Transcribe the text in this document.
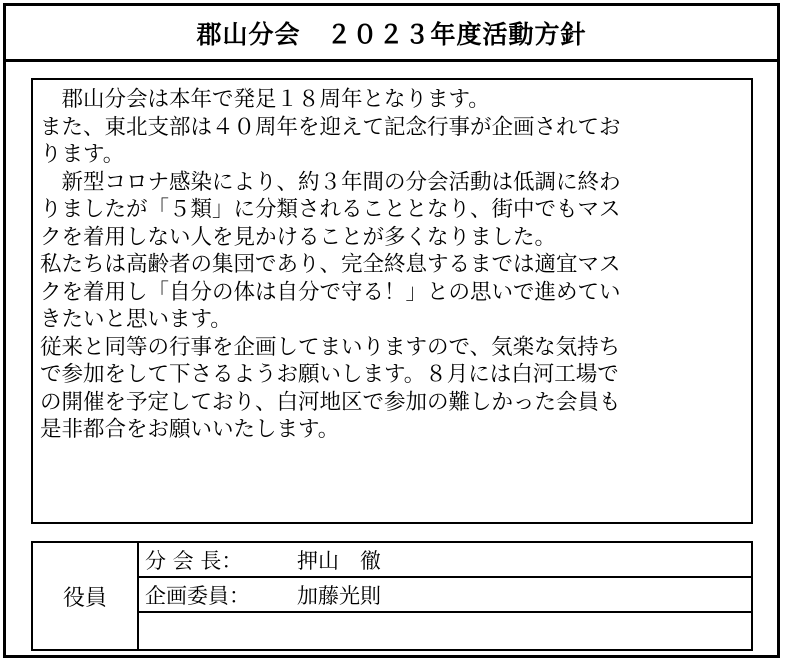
郡山分会　２０２３年度活動方針
　郡山分会は本年で発足１８周年となります。
また、東北支部は４０周年を迎えて記念行事が企画されてお
ります。
　新型コロナ感染により、約３年間の分会活動は低調に終わ
りましたが「５類」に分類されることとなり、街中でもマス
クを着用しない人を見かけることが多くなりました。
私たちは高齢者の集団であり、完全終息するまでは適宜マス
クを着用し「自分の体は自分で守る！」との思いで進めてい
きたいと思います。
従来と同等の行事を企画してまいりますので、気楽な気持ち
で参加をして下さるようお願いします。８月には白河工場で
の開催を予定しており、白河地区で参加の難しかった会員も
是非都合をお願いいたします。
役員
分 会 長：	押山　徹
企画委員：	加藤光則
